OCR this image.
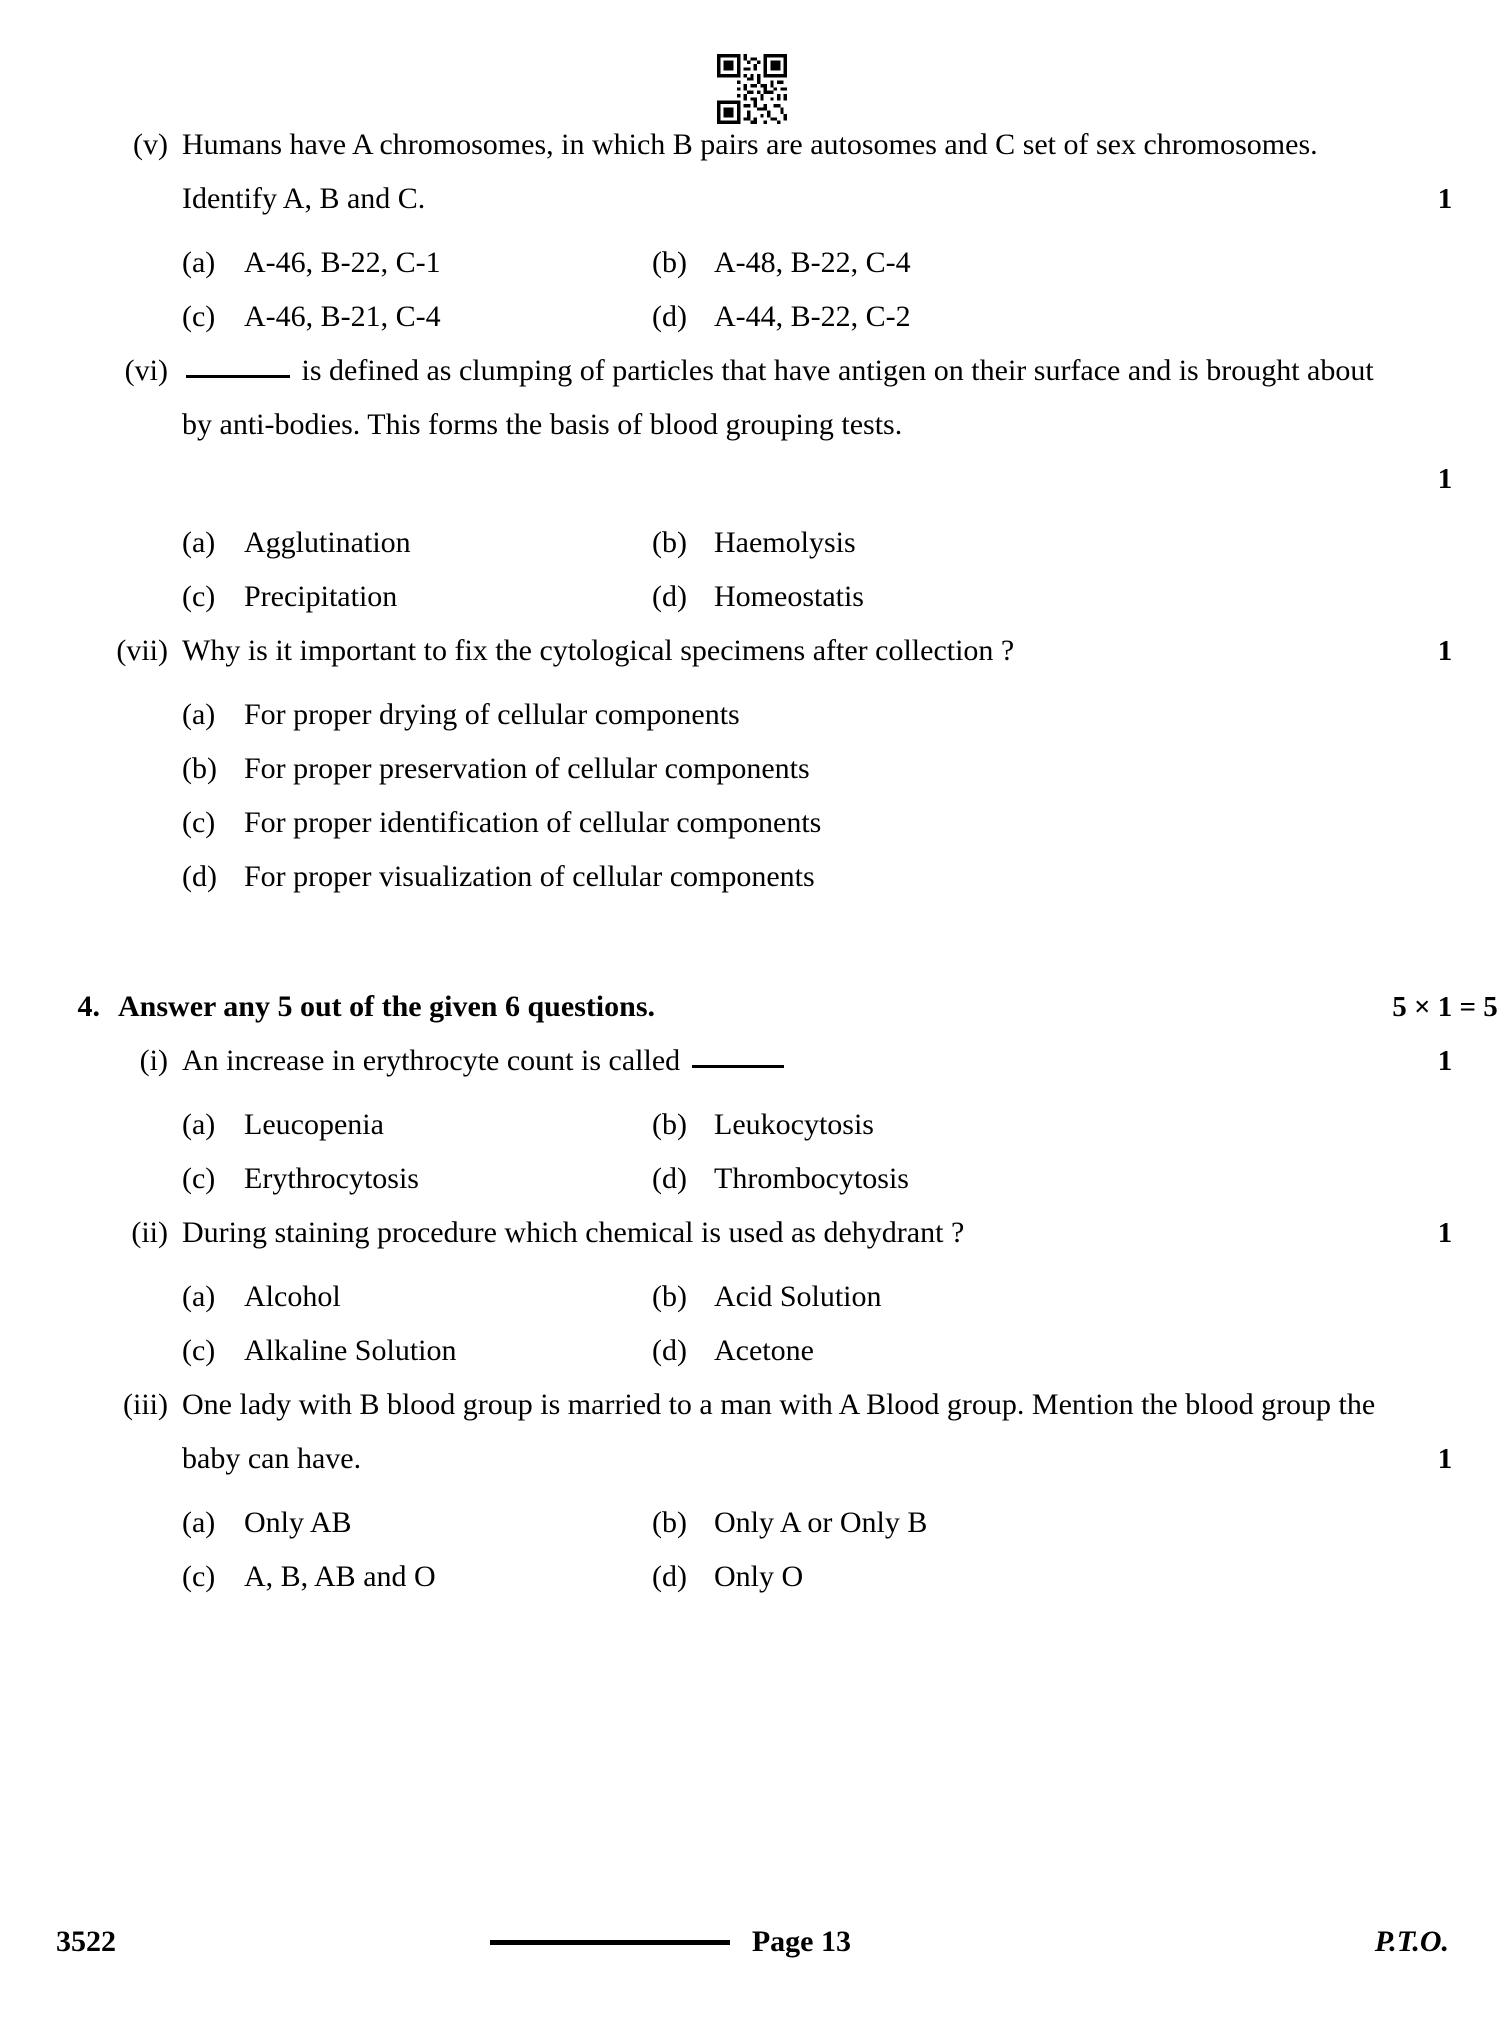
(v) Humans have A chromosomes, in which B pairs are autosomes and C set of sex chromosomes. Identify A, B and C.	1
(a) A-46, B-22, C-1	(b) A-48, B-22, C-4
(c) A-46, B-21, C-4	(d) A-44, B-22, C-2
(vi)	is defined as clumping of particles that have antigen on their surface and is brought about by anti-bodies. This forms the basis of blood grouping tests.
1
(a) Agglutination	(b) Haemolysis
(c) Precipitation	(d) Homeostatis
(vii) Why is it important to fix the cytological specimens after collection ?	1
(a) For proper drying of cellular components
(b) For proper preservation of cellular components
(c) For proper identification of cellular components
(d) For proper visualization of cellular components
4. Answer any 5 out of the given 6 questions.	5 × 1 = 5
(i) An increase in erythrocyte count is called	1
(a) Leucopenia	(b) Leukocytosis
(c) Erythrocytosis	(d) Thrombocytosis
(ii) During staining procedure which chemical is used as dehydrant ?	1
(a) Alcohol	(b) Acid Solution
(c) Alkaline Solution	(d) Acetone
(iii) One lady with B blood group is married to a man with A Blood group. Mention the blood group the baby can have.	1
(a) Only AB	(b) Only A or Only B
(c) A, B, AB and O	(d) Only O
3522	Page 13	P.T.O.
